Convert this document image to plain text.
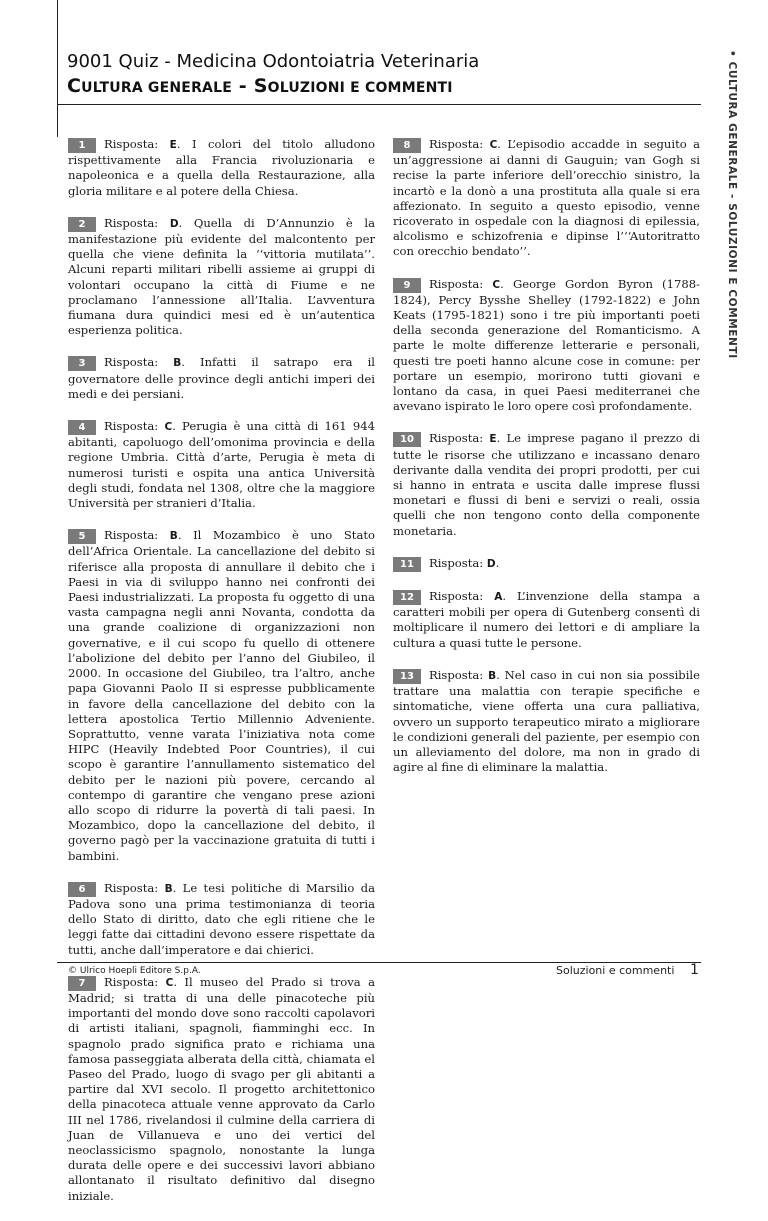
9001 Quiz - Medicina Odontoiatria Veterinaria
CULTURA GENERALE - SOLUZIONI E COMMENTI	• CULTURA GENERALE - SOLUZIONI E COMMENTI
1	Risposta: E. I colori del titolo alludono rispettivamente alla Francia rivoluzionaria e napoleonica e a quella della Restaurazione, alla gloria militare e al potere della Chiesa.

2	Risposta: D. Quella di D’Annunzio è la manifestazione più evidente del malcontento per quella che viene definita la ‘‘vittoria mutilata’’. Alcuni reparti militari ribelli assieme ai gruppi di volontari occupano la città di Fiume e ne proclamano l’annessione all’Italia. L’avventura fiumana dura quindici mesi ed è un’autentica esperienza politica.

3	Risposta: B. Infatti il satrapo era il governatore delle province degli antichi imperi dei medi e dei persiani.

4	Risposta: C. Perugia è una città di 161 944 abitanti, capoluogo dell’omonima provincia e della regione Umbria. Città d’arte, Perugia è meta di numerosi turisti e ospita una antica Università degli studi, fondata nel 1308, oltre che la maggiore Università per stranieri d’Italia.

5	Risposta: B. Il Mozambico è uno Stato dell’Africa Orientale. La cancellazione del debito si riferisce alla proposta di annullare il debito che i Paesi in via di sviluppo hanno nei confronti dei Paesi industrializzati. La proposta fu oggetto di una vasta campagna negli anni Novanta, condotta da una grande coalizione di organizzazioni non governative, e il cui scopo fu quello di ottenere l’abolizione del debito per l’anno del Giubileo, il 2000. In occasione del Giubileo, tra l’altro, anche papa Giovanni Paolo II si espresse pubblicamente in favore della cancellazione del debito con la lettera apostolica Tertio Millennio Adveniente. Soprattutto, venne varata l’iniziativa nota come HIPC (Heavily Indebted Poor Countries), il cui scopo è garantire l’annullamento sistematico del debito per le nazioni più povere, cercando al contempo di garantire che vengano prese azioni allo scopo di ridurre la povertà di tali paesi. In Mozambico, dopo la cancellazione del debito, il governo pagò per la vaccinazione gratuita di tutti i bambini.

6	Risposta: B. Le tesi politiche di Marsilio da Padova sono una prima testimonianza di teoria dello Stato di diritto, dato che egli ritiene che le leggi fatte dai cittadini devono essere rispettate da tutti, anche dall’imperatore e dai chierici.

7	Risposta: C. Il museo del Prado si trova a Madrid; si tratta di una delle pinacoteche più importanti del mondo dove sono raccolti capolavori di artisti italiani, spagnoli, fiamminghi ecc. In spagnolo prado significa prato e richiama una famosa passeggiata alberata della città, chiamata el Paseo del Prado, luogo di svago per gli abitanti a partire dal XVI secolo. Il progetto architettonico della pinacoteca attuale venne approvato da Carlo III nel 1786, rivelandosi il culmine della carriera di Juan de Villanueva e uno dei vertici del neoclassicismo spagnolo, nonostante la lunga durata delle opere e dei successivi lavori abbiano allontanato il risultato definitivo dal disegno iniziale.

8	Risposta: C. L’episodio accadde in seguito a un’aggressione ai danni di Gauguin; van Gogh si recise la parte inferiore dell’orecchio sinistro, la incartò e la donò a una prostituta alla quale si era affezionato. In seguito a questo episodio, venne ricoverato in ospedale con la diagnosi di epilessia, alcolismo e schizofrenia e dipinse l’‘‘Autoritratto con orecchio bendato’’.

9	Risposta: C. George Gordon Byron (1788-1824), Percy Bysshe Shelley (1792-1822) e John Keats (1795-1821) sono i tre più importanti poeti della seconda generazione del Romanticismo. A parte le molte differenze letterarie e personali, questi tre poeti hanno alcune cose in comune: per portare un esempio, morirono tutti giovani e lontano da casa, in quei Paesi mediterranei che avevano ispirato le loro opere così profondamente.

10	Risposta: E. Le imprese pagano il prezzo di tutte le risorse che utilizzano e incassano denaro derivante dalla vendita dei propri prodotti, per cui si hanno in entrata e uscita dalle imprese flussi monetari e flussi di beni e servizi o reali, ossia quelli che non tengono conto della componente monetaria.

11	Risposta: D.

12	Risposta: A. L’invenzione della stampa a caratteri mobili per opera di Gutenberg consentì di moltiplicare il numero dei lettori e di ampliare la cultura a quasi tutte le persone.

13	Risposta: B. Nel caso in cui non sia possibile trattare una malattia con terapie specifiche e sintomatiche, viene offerta una cura palliativa, ovvero un supporto terapeutico mirato a migliorare le condizioni generali del paziente, per esempio con un alleviamento del dolore, ma non in grado di agire al fine di eliminare la malattia.

© Ulrico Hoepli Editore S.p.A.	Soluzioni e commenti 1
